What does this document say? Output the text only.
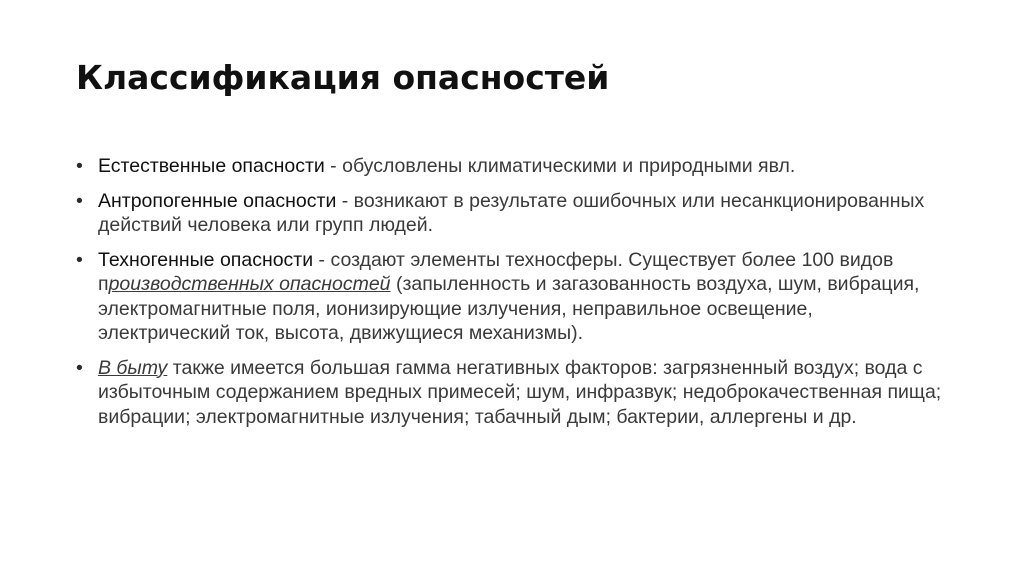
Классификация опасностей
• Естественные опасности - обусловлены климатическими и природными явл.
• Антропогенные опасности - возникают в результате ошибочных или несанкционированных действий человека или групп людей.
• Техногенные опасности - создают элементы техносферы. Существует более 100 видов производственных опасностей (запыленность и загазованность воздуха, шум, вибрация, электромагнитные поля, ионизирующие излучения, неправильное освещение, электрический ток, высота, движущиеся механизмы).
• В быту также имеется большая гамма негативных факторов: загрязненный воздух; вода с избыточным содержанием вредных примесей; шум, инфразвук; недоброкачественная пища; вибрации; электромагнитные излучения; табачный дым; бактерии, аллергены и др.
